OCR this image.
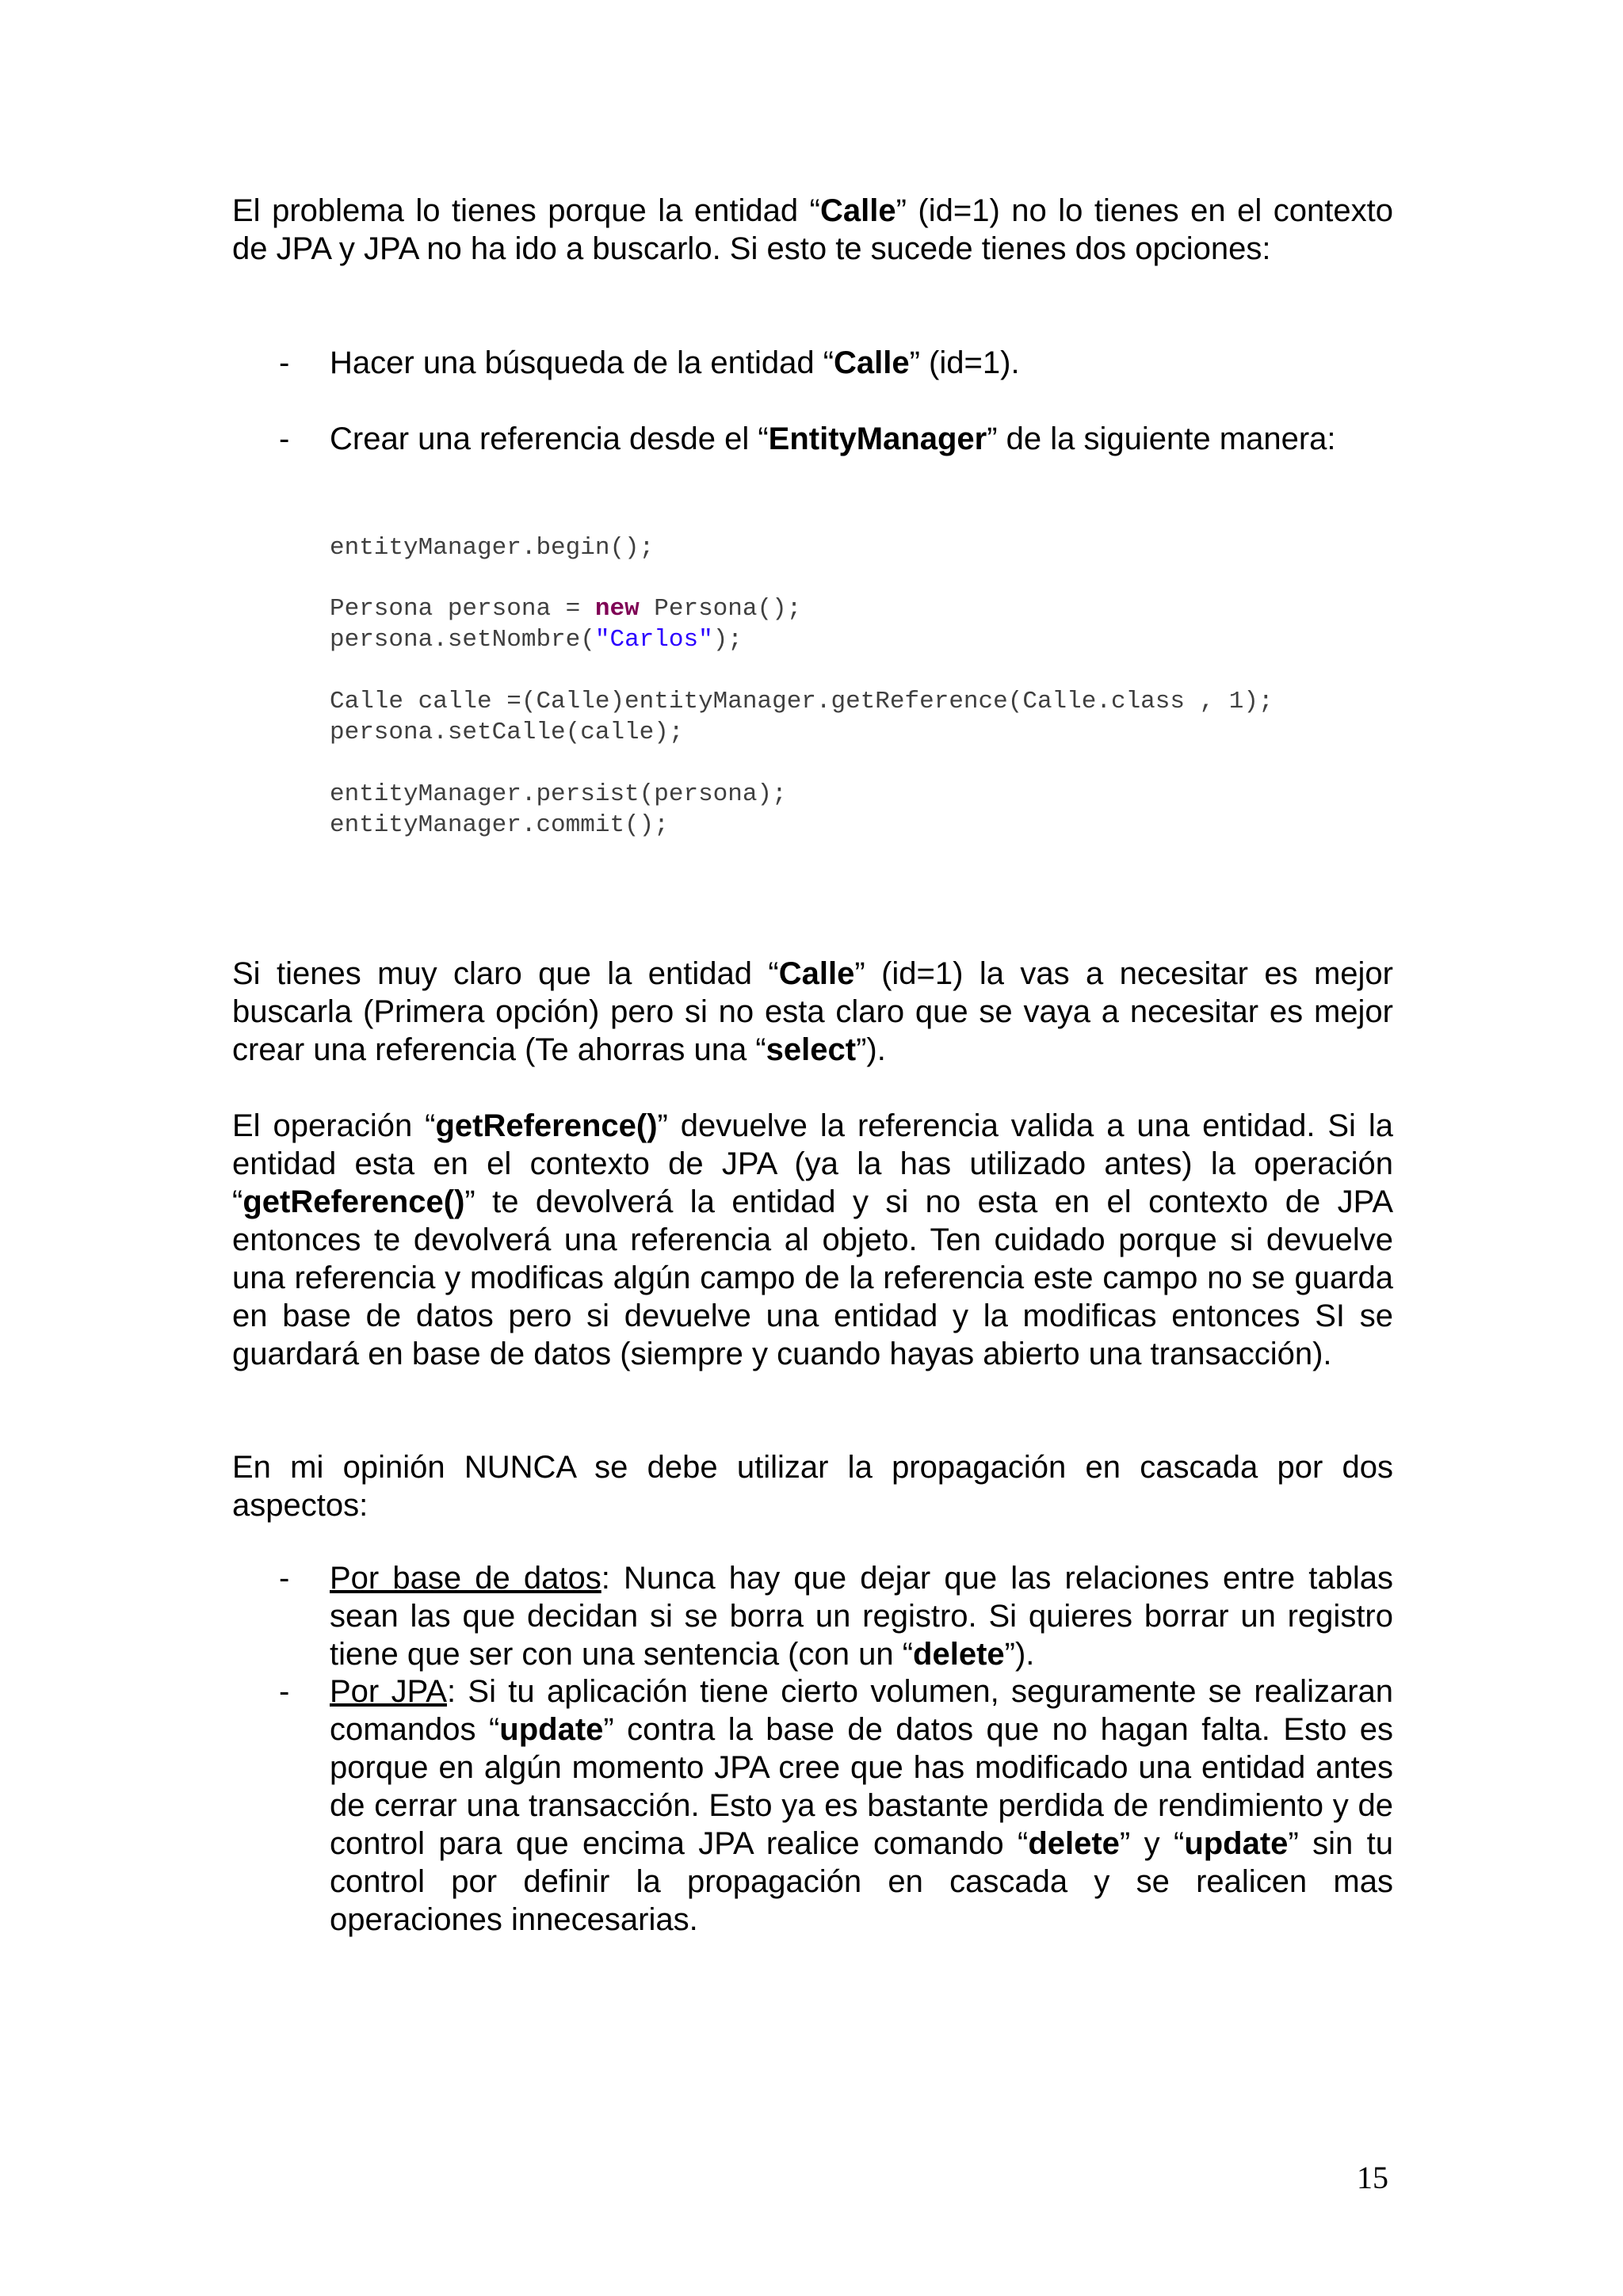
El problema lo tienes porque la entidad “Calle” (id=1) no lo tienes en el contexto de JPA y JPA no ha ido a buscarlo. Si esto te sucede tienes dos opciones:

- Hacer una búsqueda de la entidad “Calle” (id=1).

- Crear una referencia desde el “EntityManager” de la siguiente manera:

entityManager.begin();
Persona persona = new Persona();
persona.setNombre("Carlos");
Calle calle =(Calle)entityManager.getReference(Calle.class , 1);
persona.setCalle(calle);
entityManager.persist(persona);
entityManager.commit();

Si tienes muy claro que la entidad “Calle” (id=1) la vas a necesitar es mejor buscarla (Primera opción) pero si no esta claro que se vaya a necesitar es mejor crear una referencia (Te ahorras una “select”).

El operación “getReference()” devuelve la referencia valida a una entidad. Si la entidad esta en el contexto de JPA (ya la has utilizado antes) la operación “getReference()” te devolverá la entidad y si no esta en el contexto de JPA entonces te devolverá una referencia al objeto. Ten cuidado porque si devuelve una referencia y modificas algún campo de la referencia este campo no se guarda en base de datos pero si devuelve una entidad y la modificas entonces SI se guardará en base de datos (siempre y cuando hayas abierto una transacción).

En mi opinión NUNCA se debe utilizar la propagación en cascada por dos aspectos:

- Por base de datos: Nunca hay que dejar que las relaciones entre tablas sean las que decidan si se borra un registro. Si quieres borrar un registro tiene que ser con una sentencia (con un “delete”).

- Por JPA: Si tu aplicación tiene cierto volumen, seguramente se realizaran comandos “update” contra la base de datos que no hagan falta. Esto es porque en algún momento JPA cree que has modificado una entidad antes de cerrar una transacción. Esto ya es bastante perdida de rendimiento y de control para que encima JPA realice comando “delete” y “update” sin tu control por definir la propagación en cascada y se realicen mas operaciones innecesarias.

15
